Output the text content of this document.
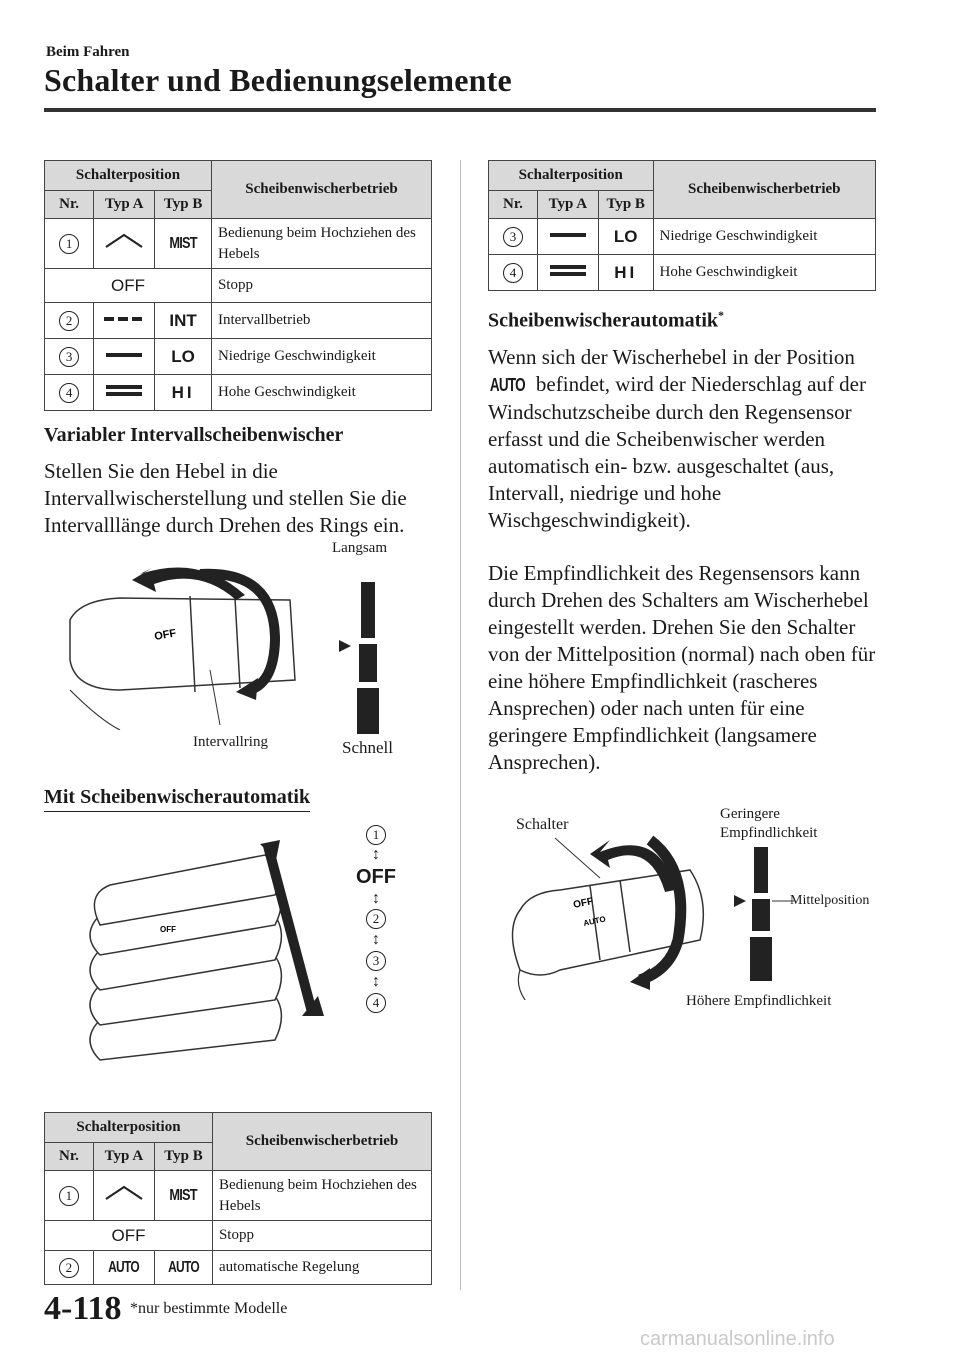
Beim Fahren
Schalter und Bedienungselemente
Schalterposition			Scheibenwischerbetrieb
Nr.	Typ A	Typ B	
1		MIST	Bedienung beim Hochziehen des Hebels
OFF			Stopp
2		INT	Intervallbetrieb
3		LO	Niedrige Geschwindigkeit
4		HI	Hohe Geschwindigkeit
Variabler Intervallscheibenwischer
Stellen Sie den Hebel in die Intervallwischerstellung und stellen Sie die Intervalllänge durch Drehen des Rings ein.
OFF
Langsam
Intervallring	Schnell
Mit Scheibenwischerautomatik
OFF
1
↕
OFF
↕
2
↕
3
↕
4
Schalterposition			Scheibenwischerbetrieb
Nr.	Typ A	Typ B	
1		MIST	Bedienung beim Hochziehen des Hebels
OFF			Stopp
2	AUTO	AUTO	automatische Regelung
Schalterposition			Scheibenwischerbetrieb
Nr.	Typ A	Typ B	
3		LO	Niedrige Geschwindigkeit
4		HI	Hohe Geschwindigkeit
Scheibenwischerautomatik*
Wenn sich der Wischerhebel in der Position AUTO befindet, wird der Niederschlag auf der Windschutzscheibe durch den Regensensor erfasst und die Scheibenwischer werden automatisch ein- bzw. ausgeschaltet (aus, Intervall, niedrige und hohe Wischgeschwindigkeit).
Die Empfindlichkeit des Regensensors kann durch Drehen des Schalters am Wischerhebel eingestellt werden. Drehen Sie den Schalter von der Mittelposition (normal) nach oben für eine höhere Empfindlichkeit (rascheres Ansprechen) oder nach unten für eine geringere Empfindlichkeit (langsamere Ansprechen).
Schalter
Geringere
Empfindlichkeit
OFF
AUTO
Mittelposition
Höhere Empfindlichkeit
4-118 *nur bestimmte Modelle
carmanualsonline.info
